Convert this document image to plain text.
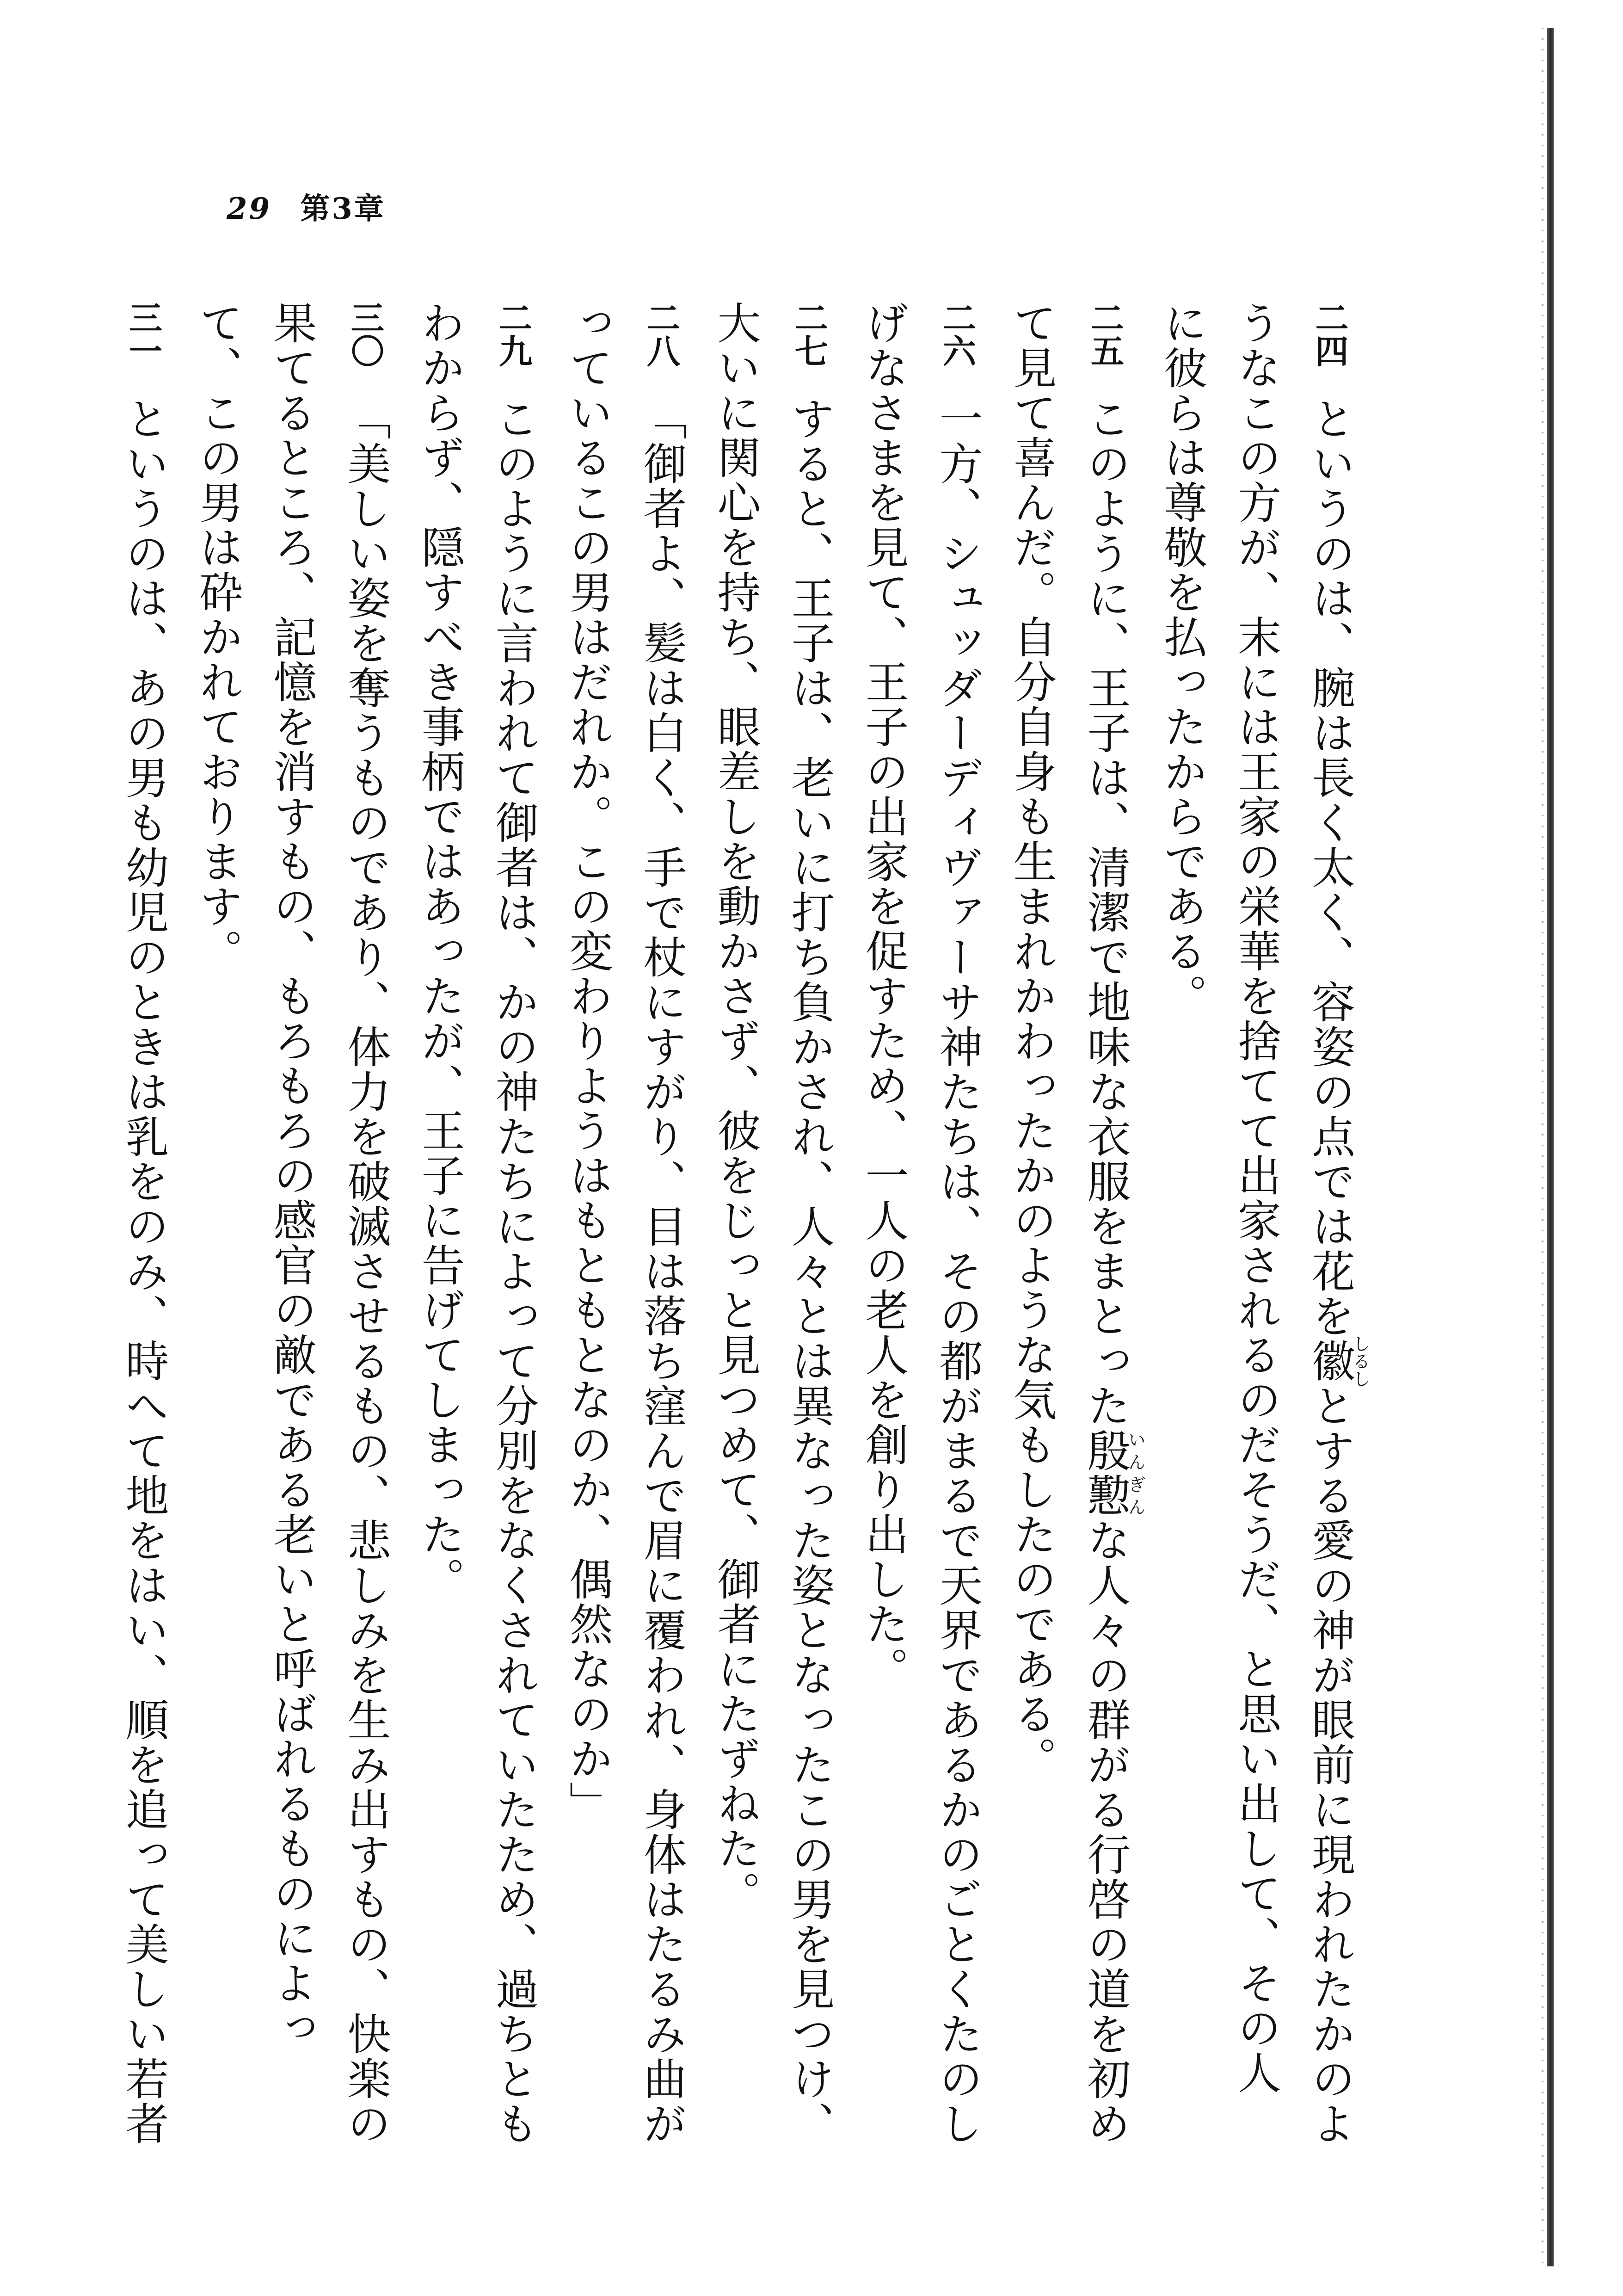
29 第3章
二四 というのは、腕は長く太く、容姿の点では花を徽しるしとする愛の神が眼前に現われたかのよ
うなこの方が、末には王家の栄華を捨てて出家されるのだそうだ、と思い出して、その人
に彼らは尊敬を払ったからである。
二五 このように、王子は、清潔で地味な衣服をまとった殷懃いんぎんな人々の群がる行啓の道を初め
て見て喜んだ。自分自身も生まれかわったかのような気もしたのである。
二六 一方、シュッダーディヴァーサ神たちは、その都がまるで天界であるかのごとくたのし
げなさまを見て、王子の出家を促すため、一人の老人を創り出した。
二七 すると、王子は、老いに打ち負かされ、人々とは異なった姿となったこの男を見つけ、
大いに関心を持ち、眼差しを動かさず、彼をじっと見つめて、御者にたずねた。
二八 「御者よ、髪は白く、手で杖にすがり、目は落ち窪んで眉に覆われ、身体はたるみ曲が
っているこの男はだれか。この変わりようはもともとなのか、偶然なのか」
二九 このように言われて御者は、かの神たちによって分別をなくされていたため、過ちとも
わからず、隠すべき事柄ではあったが、王子に告げてしまった。
三〇 「美しい姿を奪うものであり、体力を破滅させるもの、悲しみを生み出すもの、快楽の
果てるところ、記憶を消すもの、もろもろの感官の敵である老いと呼ばれるものによっ
て、この男は砕かれております。
三一 というのは、あの男も幼児のときは乳をのみ、時へて地をはい、順を追って美しい若者
